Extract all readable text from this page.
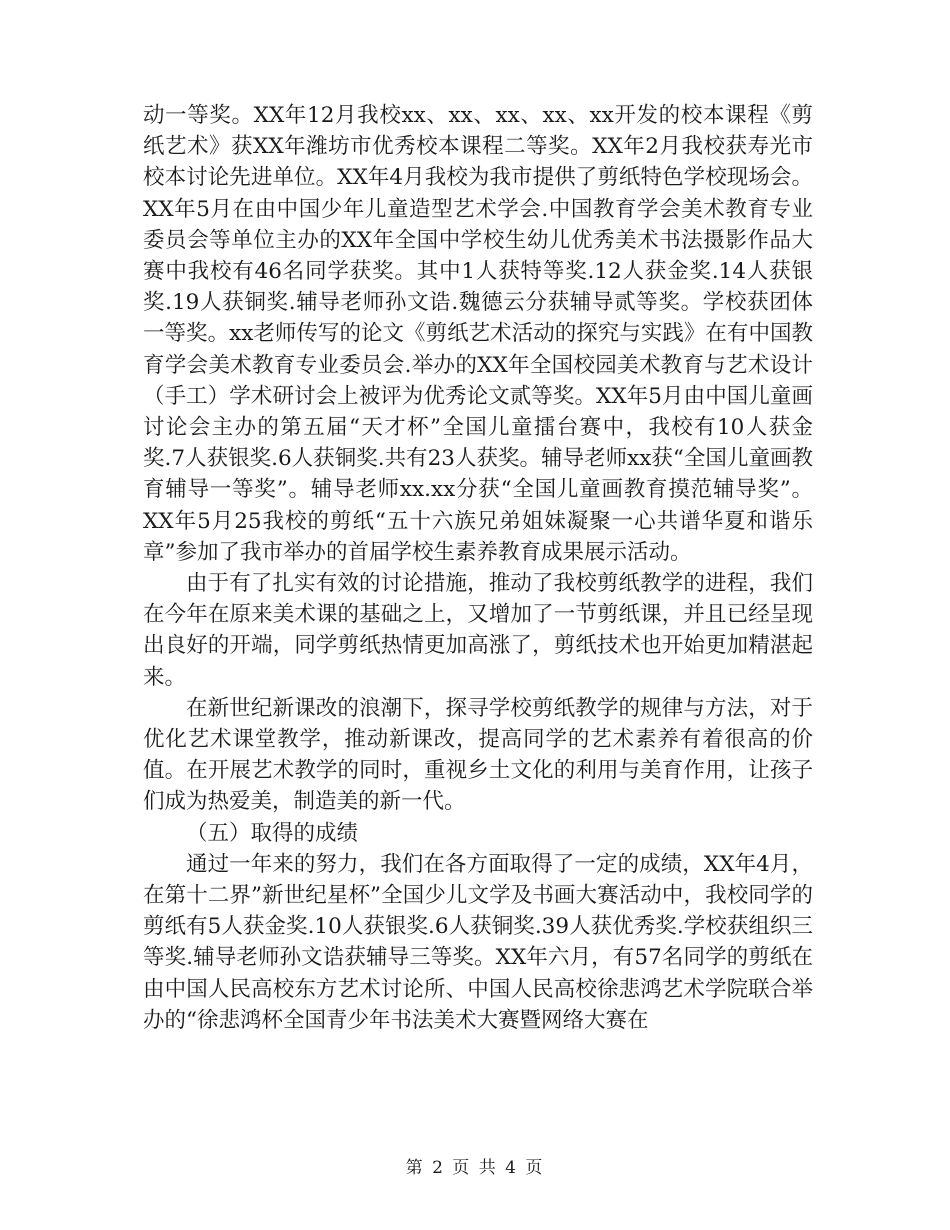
动一等奖。XX年12月我校xx、xx、xx、xx、xx开发的校本课程《剪纸艺术》获XX年潍坊市优秀校本课程二等奖。XX年2月我校获寿光市校本讨论先进单位。XX年4月我校为我市提供了剪纸特色学校现场会。XX年5月在由中国少年儿童造型艺术学会.中国教育学会美术教育专业委员会等单位主办的XX年全国中学校生幼儿优秀美术书法摄影作品大赛中我校有46名同学获奖。其中1人获特等奖.12人获金奖.14人获银奖.19人获铜奖.辅导老师孙文诰.魏德云分获辅导贰等奖。学校获团体一等奖。xx老师传写的论文《剪纸艺术活动的探究与实践》在有中国教育学会美术教育专业委员会.举办的XX年全国校园美术教育与艺术设计（手工）学术研讨会上被评为优秀论文贰等奖。XX年5月由中国儿童画讨论会主办的第五届“天才杯”全国儿童擂台赛中，我校有10人获金奖.7人获银奖.6人获铜奖.共有23人获奖。辅导老师xx获“全国儿童画教育辅导一等奖”。辅导老师xx.xx分获“全国儿童画教育摸范辅导奖”。XX年5月25我校的剪纸“五十六族兄弟姐妹凝聚一心共谱华夏和谐乐章”参加了我市举办的首届学校生素养教育成果展示活动。

由于有了扎实有效的讨论措施，推动了我校剪纸教学的进程，我们在今年在原来美术课的基础之上，又增加了一节剪纸课，并且已经呈现出良好的开端，同学剪纸热情更加高涨了，剪纸技术也开始更加精湛起来。

在新世纪新课改的浪潮下，探寻学校剪纸教学的规律与方法，对于优化艺术课堂教学，推动新课改，提高同学的艺术素养有着很高的价值。在开展艺术教学的同时，重视乡土文化的利用与美育作用，让孩子们成为热爱美，制造美的新一代。

（五）取得的成绩

通过一年来的努力，我们在各方面取得了一定的成绩，XX年4月，在第十二界”新世纪星杯”全国少儿文学及书画大赛活动中，我校同学的剪纸有5人获金奖.10人获银奖.6人获铜奖.39人获优秀奖.学校获组织三等奖.辅导老师孙文诰获辅导三等奖。XX年六月，有57名同学的剪纸在由中国人民高校东方艺术讨论所、中国人民高校徐悲鸿艺术学院联合举办的“徐悲鸿杯全国青少年书法美术大赛暨网络大赛在

第 2 页 共 4 页
